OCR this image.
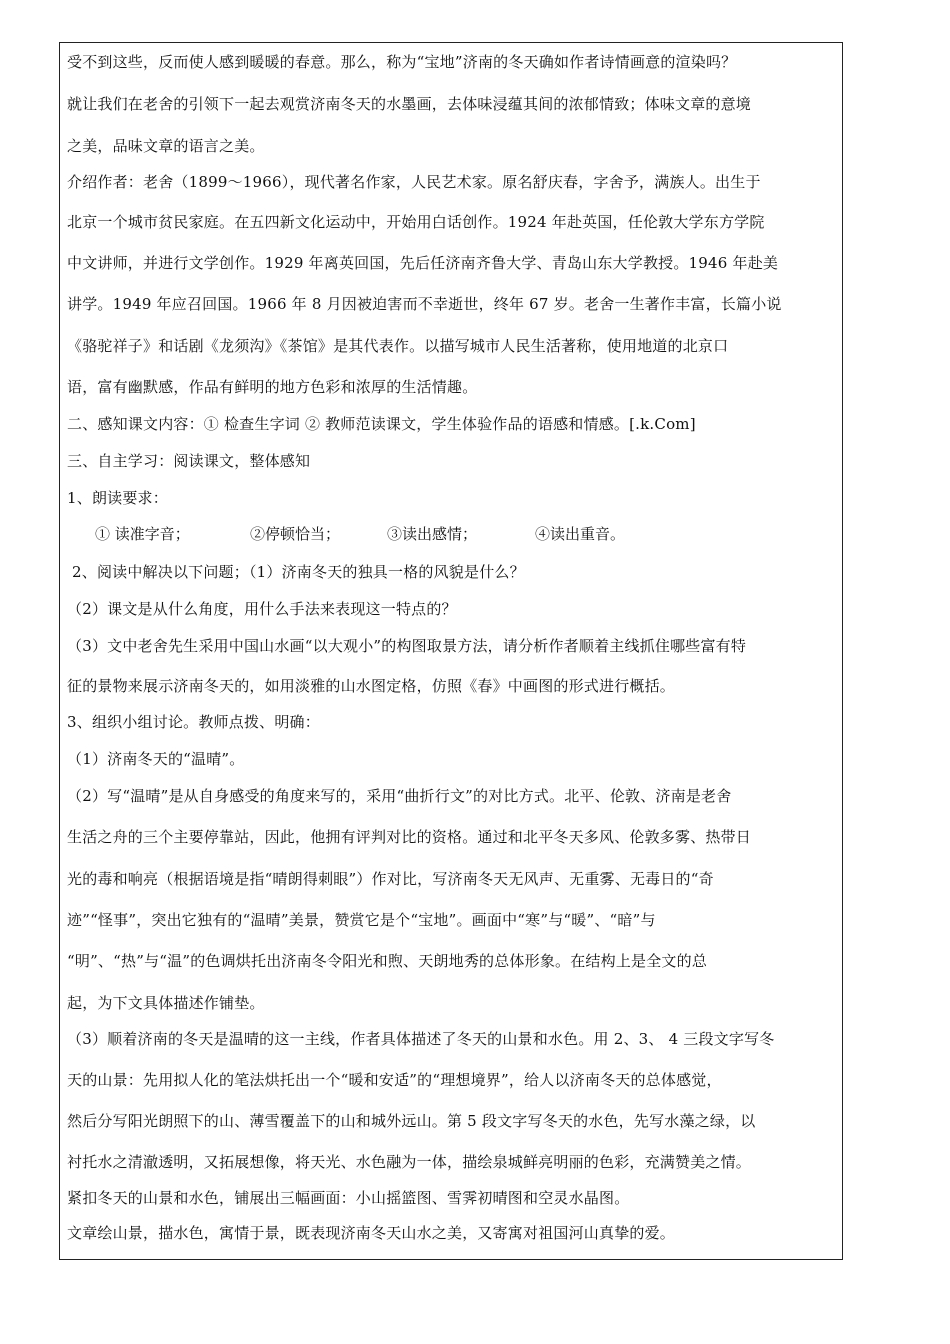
受不到这些，反而使人感到暖暖的春意。那么，称为“宝地”济南的冬天确如作者诗情画意的渲染吗？
就让我们在老舍的引领下一起去观赏济南冬天的水墨画，去体味浸蕴其间的浓郁情致；体味文章的意境
之美，品味文章的语言之美。
介绍作者：老舍（1899～1966），现代著名作家，人民艺术家。原名舒庆春，字舍予，满族人。出生于
北京一个城市贫民家庭。在五四新文化运动中，开始用白话创作。1924 年赴英国，任伦敦大学东方学院
中文讲师，并进行文学创作。1929 年离英回国，先后任济南齐鲁大学、青岛山东大学教授。1946 年赴美
讲学。1949 年应召回国。1966 年 8 月因被迫害而不幸逝世，终年 67 岁。老舍一生著作丰富，长篇小说
《骆驼祥子》和话剧《龙须沟》《茶馆》是其代表作。以描写城市人民生活著称，使用地道的北京口
语，富有幽默感，作品有鲜明的地方色彩和浓厚的生活情趣。
二、感知课文内容：① 检查生字词 ② 教师范读课文，学生体验作品的语感和情感。[.k.Com]
三、自主学习：阅读课文，整体感知
1、朗读要求：
① 读准字音；	②停顿恰当；	③读出感情；	④读出重音。
2、阅读中解决以下问题；（1）济南冬天的独具一格的风貌是什么？
（2）课文是从什么角度，用什么手法来表现这一特点的？
（3）文中老舍先生采用中国山水画“以大观小”的构图取景方法，请分析作者顺着主线抓住哪些富有特
征的景物来展示济南冬天的，如用淡雅的山水图定格，仿照《春》中画图的形式进行概括。
3、组织小组讨论。教师点拨、明确：
（1）济南冬天的“温晴”。
（2）写“温晴”是从自身感受的角度来写的，采用“曲折行文”的对比方式。北平、伦敦、济南是老舍
生活之舟的三个主要停靠站，因此，他拥有评判对比的资格。通过和北平冬天多风、伦敦多雾、热带日
光的毒和响亮（根据语境是指“晴朗得刺眼”）作对比，写济南冬天无风声、无重雾、无毒日的“奇
迹”“怪事”，突出它独有的“温晴”美景，赞赏它是个“宝地”。画面中“寒”与“暖”、“暗”与
“明”、“热”与“温”的色调烘托出济南冬令阳光和煦、天朗地秀的总体形象。在结构上是全文的总
起，为下文具体描述作铺垫。
（3）顺着济南的冬天是温晴的这一主线，作者具体描述了冬天的山景和水色。用 2、3、 4 三段文字写冬
天的山景：先用拟人化的笔法烘托出一个“暖和安适”的“理想境界”，给人以济南冬天的总体感觉，
然后分写阳光朗照下的山、薄雪覆盖下的山和城外远山。第 5 段文字写冬天的水色，先写水藻之绿，以
衬托水之清澈透明，又拓展想像，将天光、水色融为一体，描绘泉城鲜亮明丽的色彩，充满赞美之情。
紧扣冬天的山景和水色，铺展出三幅画面：小山摇篮图、雪霁初晴图和空灵水晶图。
文章绘山景，描水色，寓情于景，既表现济南冬天山水之美，又寄寓对祖国河山真挚的爱。
